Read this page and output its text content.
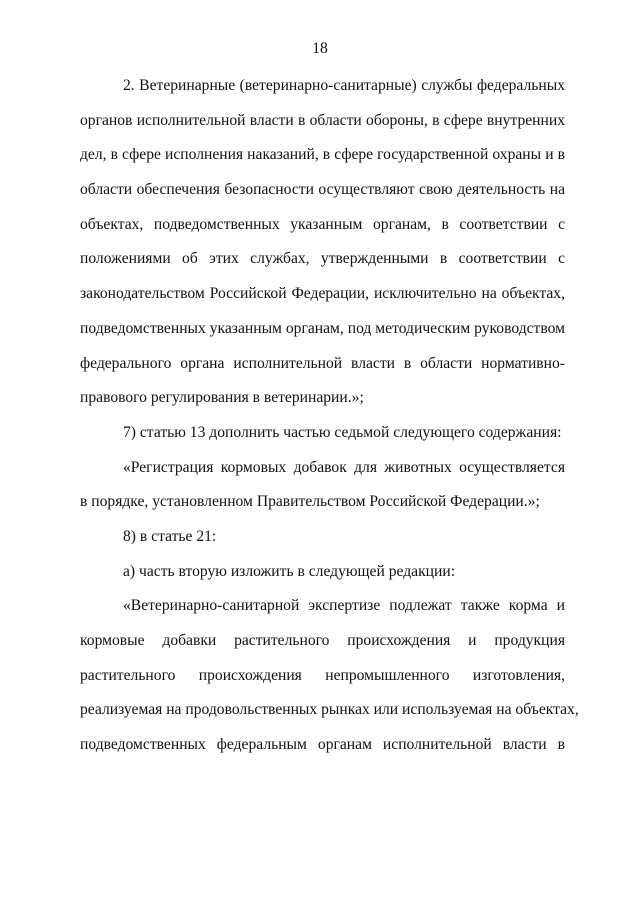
18
2. Ветеринарные (ветеринарно-санитарные) службы федеральных
органов исполнительной власти в области обороны, в сфере внутренних
дел, в сфере исполнения наказаний, в сфере государственной охраны и в
области обеспечения безопасности осуществляют свою деятельность на
объектах, подведомственных указанным органам, в соответствии с
положениями об этих службах, утвержденными в соответствии с
законодательством Российской Федерации, исключительно на объектах,
подведомственных указанным органам, под методическим руководством
федерального органа исполнительной власти в области нормативно-
правового регулирования в ветеринарии.»;
7) статью 13 дополнить частью седьмой следующего содержания:
«Регистрация кормовых добавок для животных осуществляется
в порядке, установленном Правительством Российской Федерации.»;
8) в статье 21:
а) часть вторую изложить в следующей редакции:
«Ветеринарно-санитарной экспертизе подлежат также корма и
кормовые добавки растительного происхождения и продукция
растительного происхождения непромышленного изготовления,
реализуемая на продовольственных рынках или используемая на объектах,
подведомственных федеральным органам исполнительной власти в
